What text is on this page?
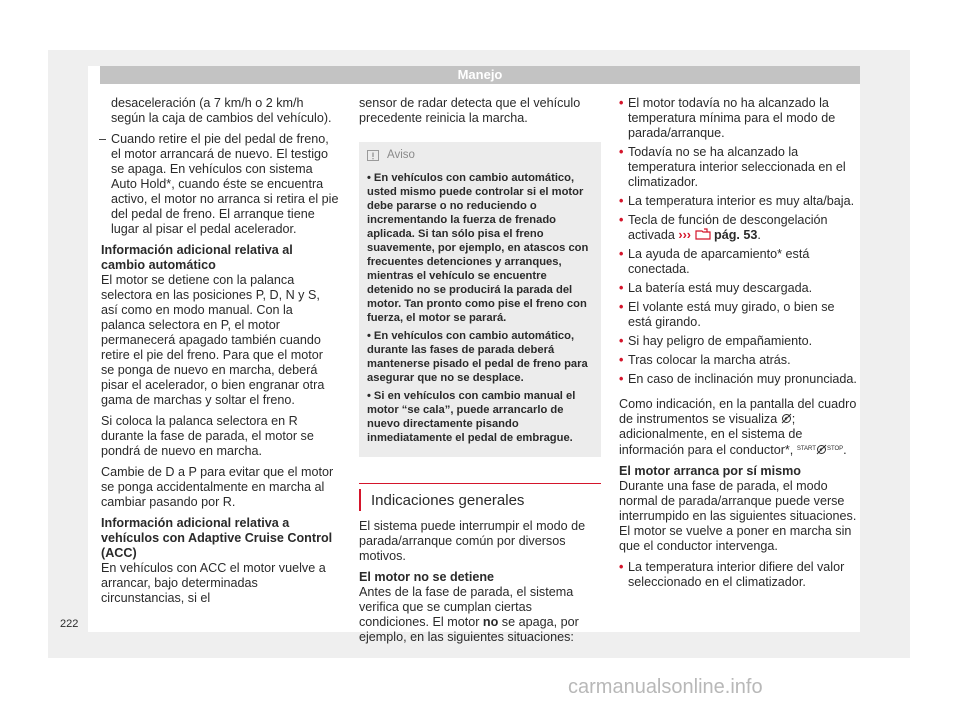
Manejo

desaceleración (a 7 km/h o 2 km/h según la caja de cambios del vehículo).

– Cuando retire el pie del pedal de freno, el motor arrancará de nuevo. El testigo se apaga. En vehículos con sistema Auto Hold*, cuando éste se encuentra activo, el motor no arranca si retira el pie del pedal de freno. El arranque tiene lugar al pisar el pedal acelerador.

Información adicional relativa al cambio automático

El motor se detiene con la palanca selectora en las posiciones P, D, N y S, así como en modo manual. Con la palanca selectora en P, el motor permanecerá apagado también cuando retire el pie del freno. Para que el motor se ponga de nuevo en marcha, deberá pisar el acelerador, o bien engranar otra gama de marchas y soltar el freno.

Si coloca la palanca selectora en R durante la fase de parada, el motor se pondrá de nuevo en marcha.

Cambie de D a P para evitar que el motor se ponga accidentalmente en marcha al cambiar pasando por R.

Información adicional relativa a vehículos con Adaptive Cruise Control (ACC)

En vehículos con ACC el motor vuelve a arrancar, bajo determinadas circunstancias, si el

sensor de radar detecta que el vehículo precedente reinicia la marcha.

Aviso

• En vehículos con cambio automático, usted mismo puede controlar si el motor debe pararse o no reduciendo o incrementando la fuerza de frenado aplicada. Si tan sólo pisa el freno suavemente, por ejemplo, en atascos con frecuentes detenciones y arranques, mientras el vehículo se encuentre detenido no se producirá la parada del motor. Tan pronto como pise el freno con fuerza, el motor se parará.

• En vehículos con cambio automático, durante las fases de parada deberá mantenerse pisado el pedal de freno para asegurar que no se desplace.

• Si en vehículos con cambio manual el motor “se cala”, puede arrancarlo de nuevo directamente pisando inmediatamente el pedal de embrague.

Indicaciones generales

El sistema puede interrumpir el modo de parada/arranque común por diversos motivos.

El motor no se detiene

Antes de la fase de parada, el sistema verifica que se cumplan ciertas condiciones. El motor no se apaga, por ejemplo, en las siguientes situaciones:

• El motor todavía no ha alcanzado la temperatura mínima para el modo de parada/arranque.

• Todavía no se ha alcanzado la temperatura interior seleccionada en el climatizador.

• La temperatura interior es muy alta/baja.

• Tecla de función de descongelación activada ››› pág. 53.

• La ayuda de aparcamiento* está conectada.

• La batería está muy descargada.

• El volante está muy girado, o bien se está girando.

• Si hay peligro de empañamiento.

• Tras colocar la marcha atrás.

• En caso de inclinación muy pronunciada.

Como indicación, en la pantalla del cuadro de instrumentos se visualiza ; adicionalmente, en el sistema de información para el conductor*, $^{START}$ $^{STOP}$.

El motor arranca por sí mismo

Durante una fase de parada, el modo normal de parada/arranque puede verse interrumpido en las siguientes situaciones. El motor se vuelve a poner en marcha sin que el conductor intervenga.

• La temperatura interior difiere del valor seleccionado en el climatizador.

222
carmanualsonline.info
